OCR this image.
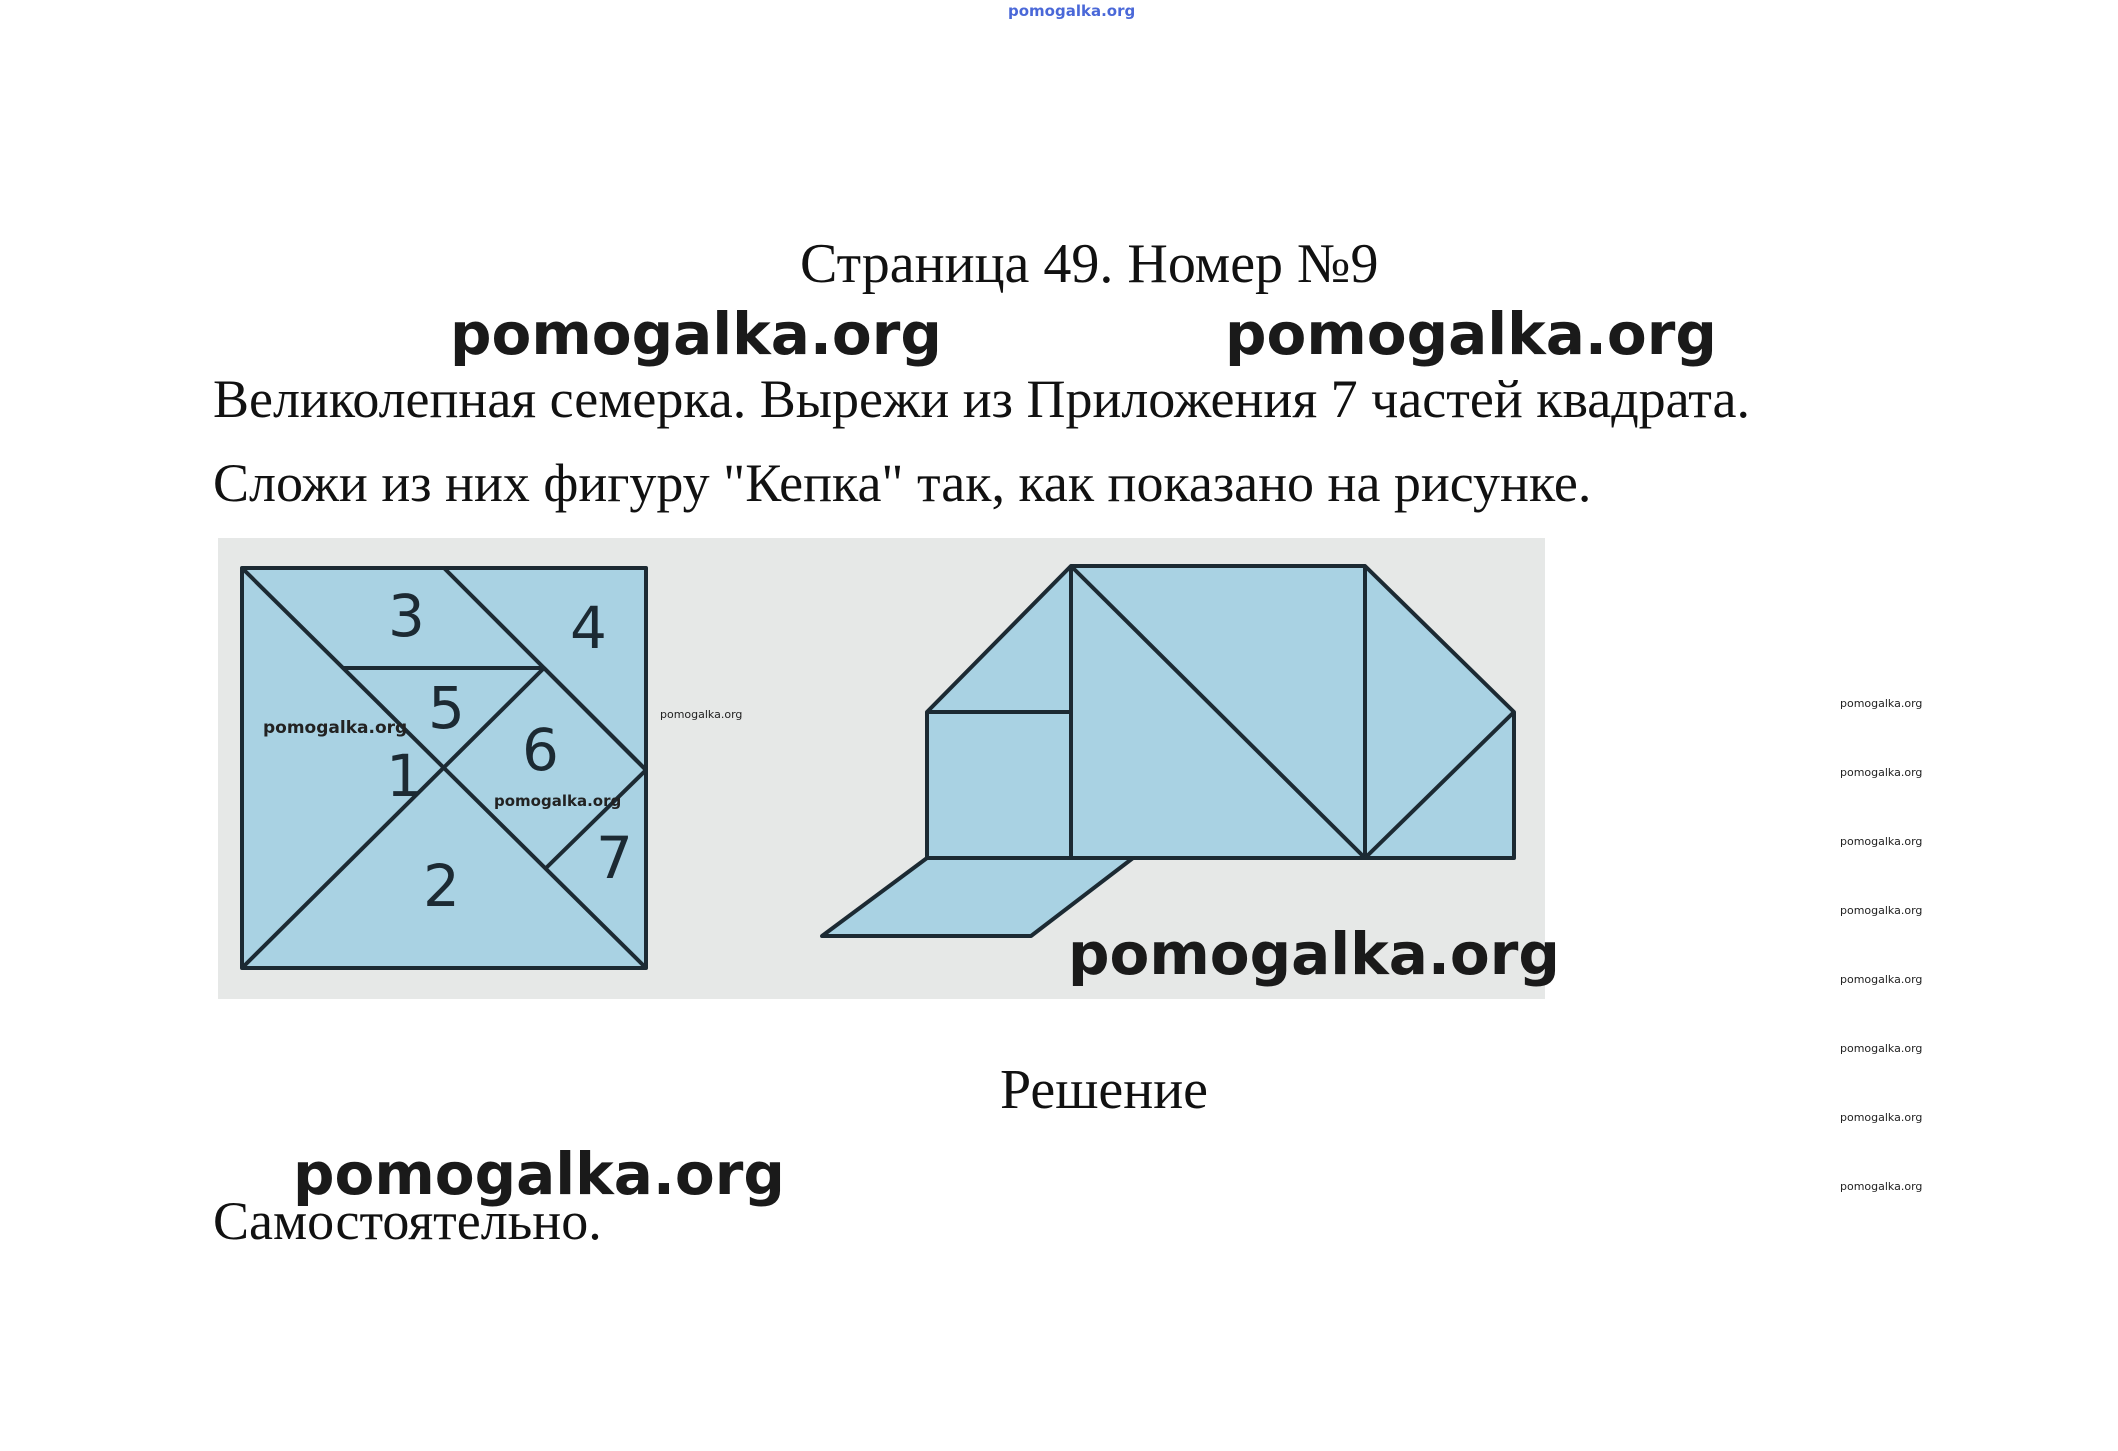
pomogalka.org
Страница 49. Номер №9
pomogalka.org	pomogalka.org
Великолепная семерка. Вырежи из Приложения 7 частей квадрата.
Сложи из них фигуру "Кепка" так, как показано на рисунке.
1
2
3	4
5
6
7
pomogalka.org
pomogalka.org
pomogalka.org
pomogalka.org
pomogalka.org
pomogalka.org
pomogalka.org
pomogalka.org
pomogalka.org
pomogalka.org
pomogalka.org
pomogalka.org
Решение
Самостоятельно.
pomogalka.org
